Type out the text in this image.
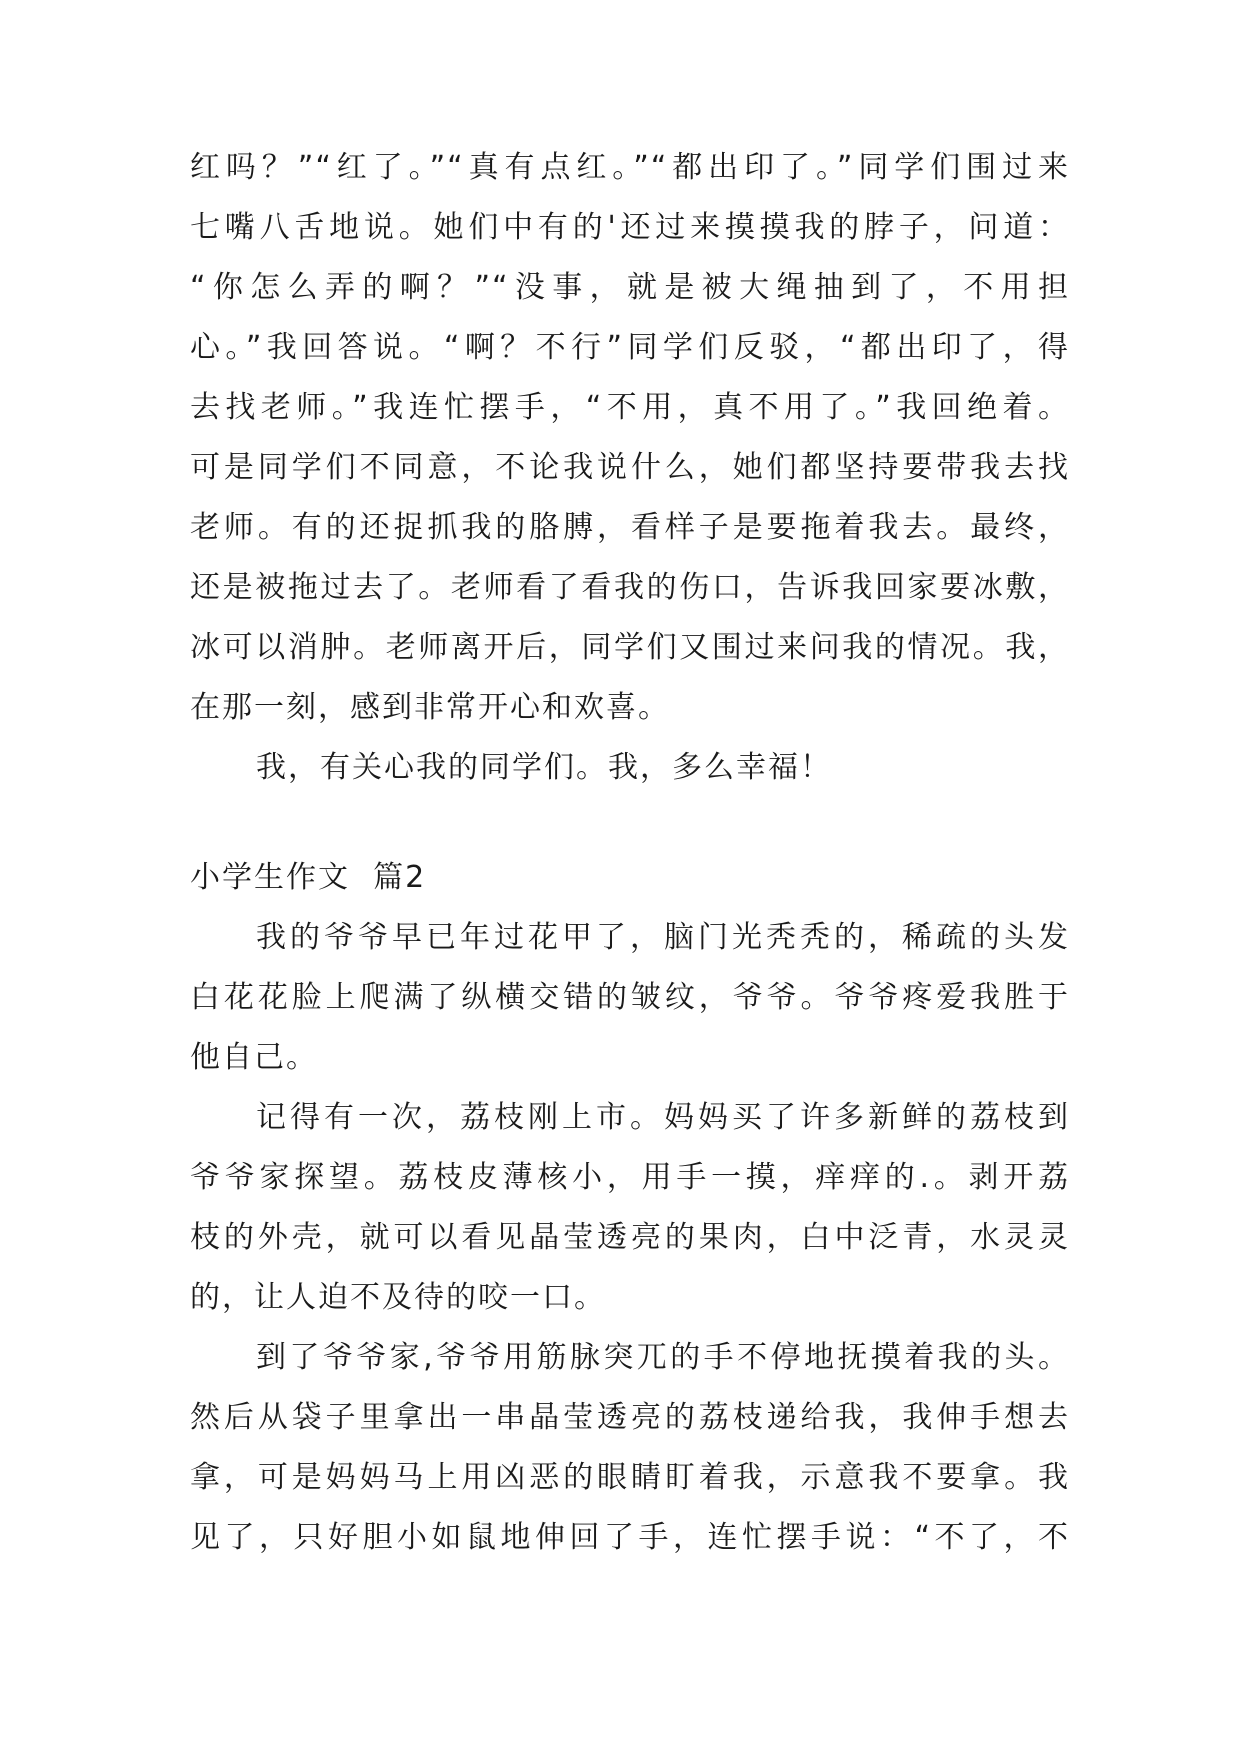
红吗？”“红了。”“真有点红。”“都出印了。”同学们围过来
七嘴八舌地说。她们中有的'还过来摸摸我的脖子，问道：
“你怎么弄的啊？”“没事，就是被大绳抽到了，不用担
心。”我回答说。“啊？不行”同学们反驳，“都出印了，得
去找老师。”我连忙摆手，“不用，真不用了。”我回绝着。
可是同学们不同意，不论我说什么，她们都坚持要带我去找
老师。有的还捉抓我的胳膊，看样子是要拖着我去。最终，
还是被拖过去了。老师看了看我的伤口，告诉我回家要冰敷，
冰可以消肿。老师离开后，同学们又围过来问我的情况。我，
在那一刻，感到非常开心和欢喜。
我，有关心我的同学们。我，多么幸福！
小学生作文  篇2
我的爷爷早已年过花甲了，脑门光秃秃的，稀疏的头发
白花花脸上爬满了纵横交错的皱纹，爷爷。爷爷疼爱我胜于
他自己。
记得有一次，荔枝刚上市。妈妈买了许多新鲜的荔枝到
爷爷家探望。荔枝皮薄核小，用手一摸，痒痒的.。剥开荔
枝的外壳，就可以看见晶莹透亮的果肉，白中泛青，水灵灵
的，让人迫不及待的咬一口。
到了爷爷家,爷爷用筋脉突兀的手不停地抚摸着我的头。
然后从袋子里拿出一串晶莹透亮的荔枝递给我，我伸手想去
拿，可是妈妈马上用凶恶的眼睛盯着我，示意我不要拿。我
见了，只好胆小如鼠地伸回了手，连忙摆手说：“不了，不
